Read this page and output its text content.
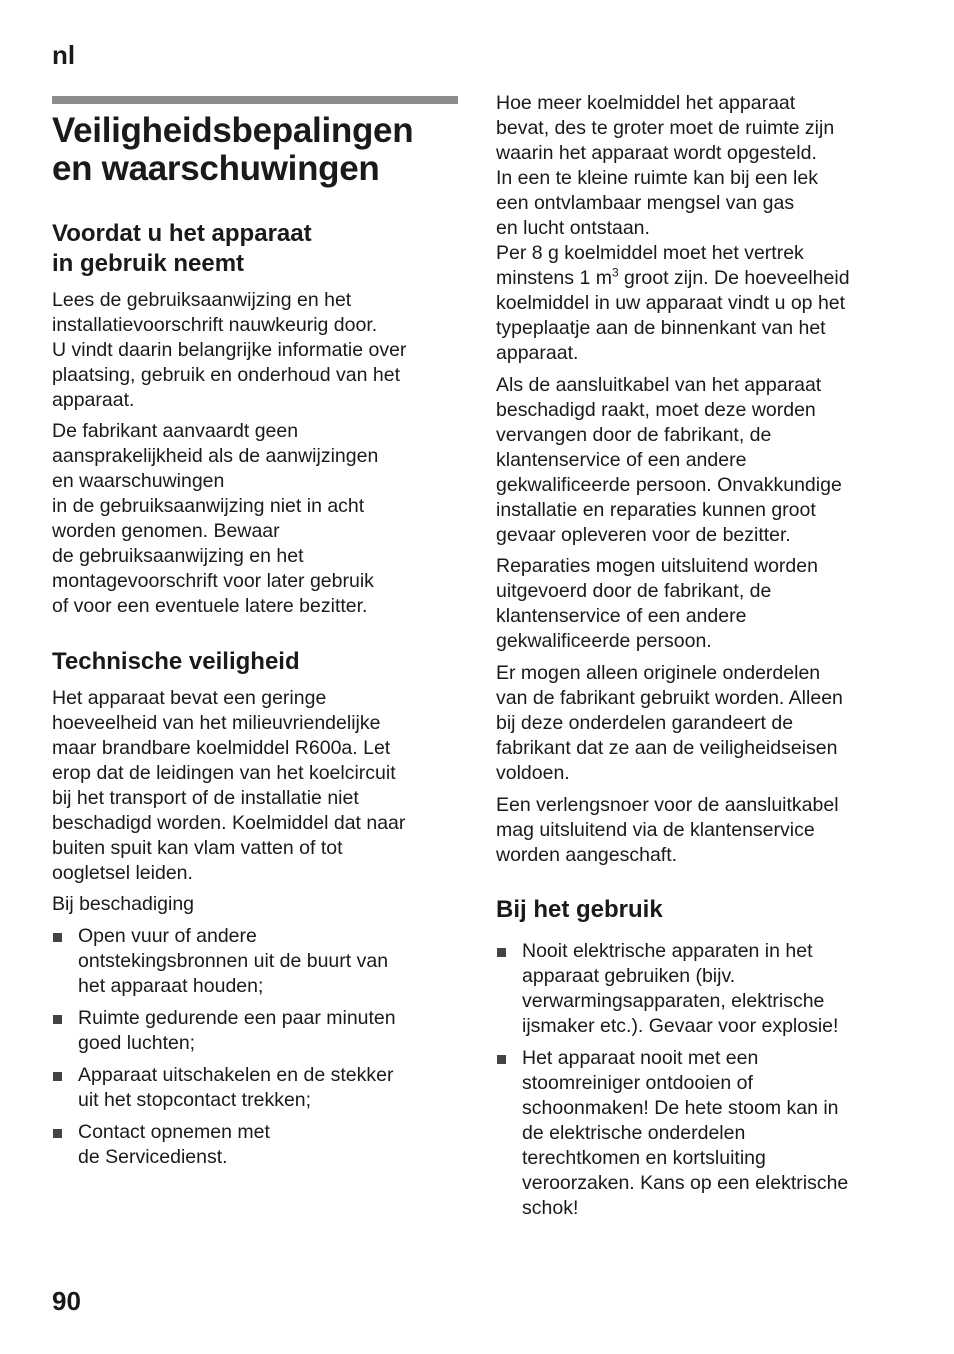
nl
Veiligheidsbepalingen
en waarschuwingen
Voordat u het apparaat
in gebruik neemt

Lees de gebruiksaanwijzing en het
installatievoorschrift nauwkeurig door.
U vindt daarin belangrijke informatie over
plaatsing, gebruik en onderhoud van het
apparaat.

De fabrikant aanvaardt geen
aansprakelijkheid als de aanwijzingen
en waarschuwingen
in de gebruiksaanwijzing niet in acht
worden genomen. Bewaar
de gebruiksaanwijzing en het
montagevoorschrift voor later gebruik
of voor een eventuele latere bezitter.

Technische veiligheid

Het apparaat bevat een geringe
hoeveelheid van het milieuvriendelijke
maar brandbare koelmiddel R600a. Let
erop dat de leidingen van het koelcircuit
bij het transport of de installatie niet
beschadigd worden. Koelmiddel dat naar
buiten spuit kan vlam vatten of tot
oogletsel leiden.

Bij beschadiging

Open vuur of andere
ontstekingsbronnen uit de buurt van
het apparaat houden;
Ruimte gedurende een paar minuten
goed luchten;
Apparaat uitschakelen en de stekker
uit het stopcontact trekken;
Contact opnemen met
de Servicedienst.

Hoe meer koelmiddel het apparaat
bevat, des te groter moet de ruimte zijn
waarin het apparaat wordt opgesteld.
In een te kleine ruimte kan bij een lek
een ontvlambaar mengsel van gas
en lucht ontstaan.
Per 8 g koelmiddel moet het vertrek
minstens 1 $m^3$ groot zijn. De hoeveelheid
koelmiddel in uw apparaat vindt u op het
typeplaatje aan de binnenkant van het
apparaat.

Als de aansluitkabel van het apparaat
beschadigd raakt, moet deze worden
vervangen door de fabrikant, de
klantenservice of een andere
gekwalificeerde persoon. Onvakkundige
installatie en reparaties kunnen groot
gevaar opleveren voor de bezitter.

Reparaties mogen uitsluitend worden
uitgevoerd door de fabrikant, de
klantenservice of een andere
gekwalificeerde persoon.

Er mogen alleen originele onderdelen
van de fabrikant gebruikt worden. Alleen
bij deze onderdelen garandeert de
fabrikant dat ze aan de veiligheidseisen
voldoen.

Een verlengsnoer voor de aansluitkabel
mag uitsluitend via de klantenservice
worden aangeschaft.

Bij het gebruik
Nooit elektrische apparaten in het
apparaat gebruiken (bijv.
verwarmingsapparaten, elektrische
ijsmaker etc.). Gevaar voor explosie!
Het apparaat nooit met een
stoomreiniger ontdooien of
schoonmaken! De hete stoom kan in
de elektrische onderdelen
terechtkomen en kortsluiting
veroorzaken. Kans op een elektrische
schok!
90
